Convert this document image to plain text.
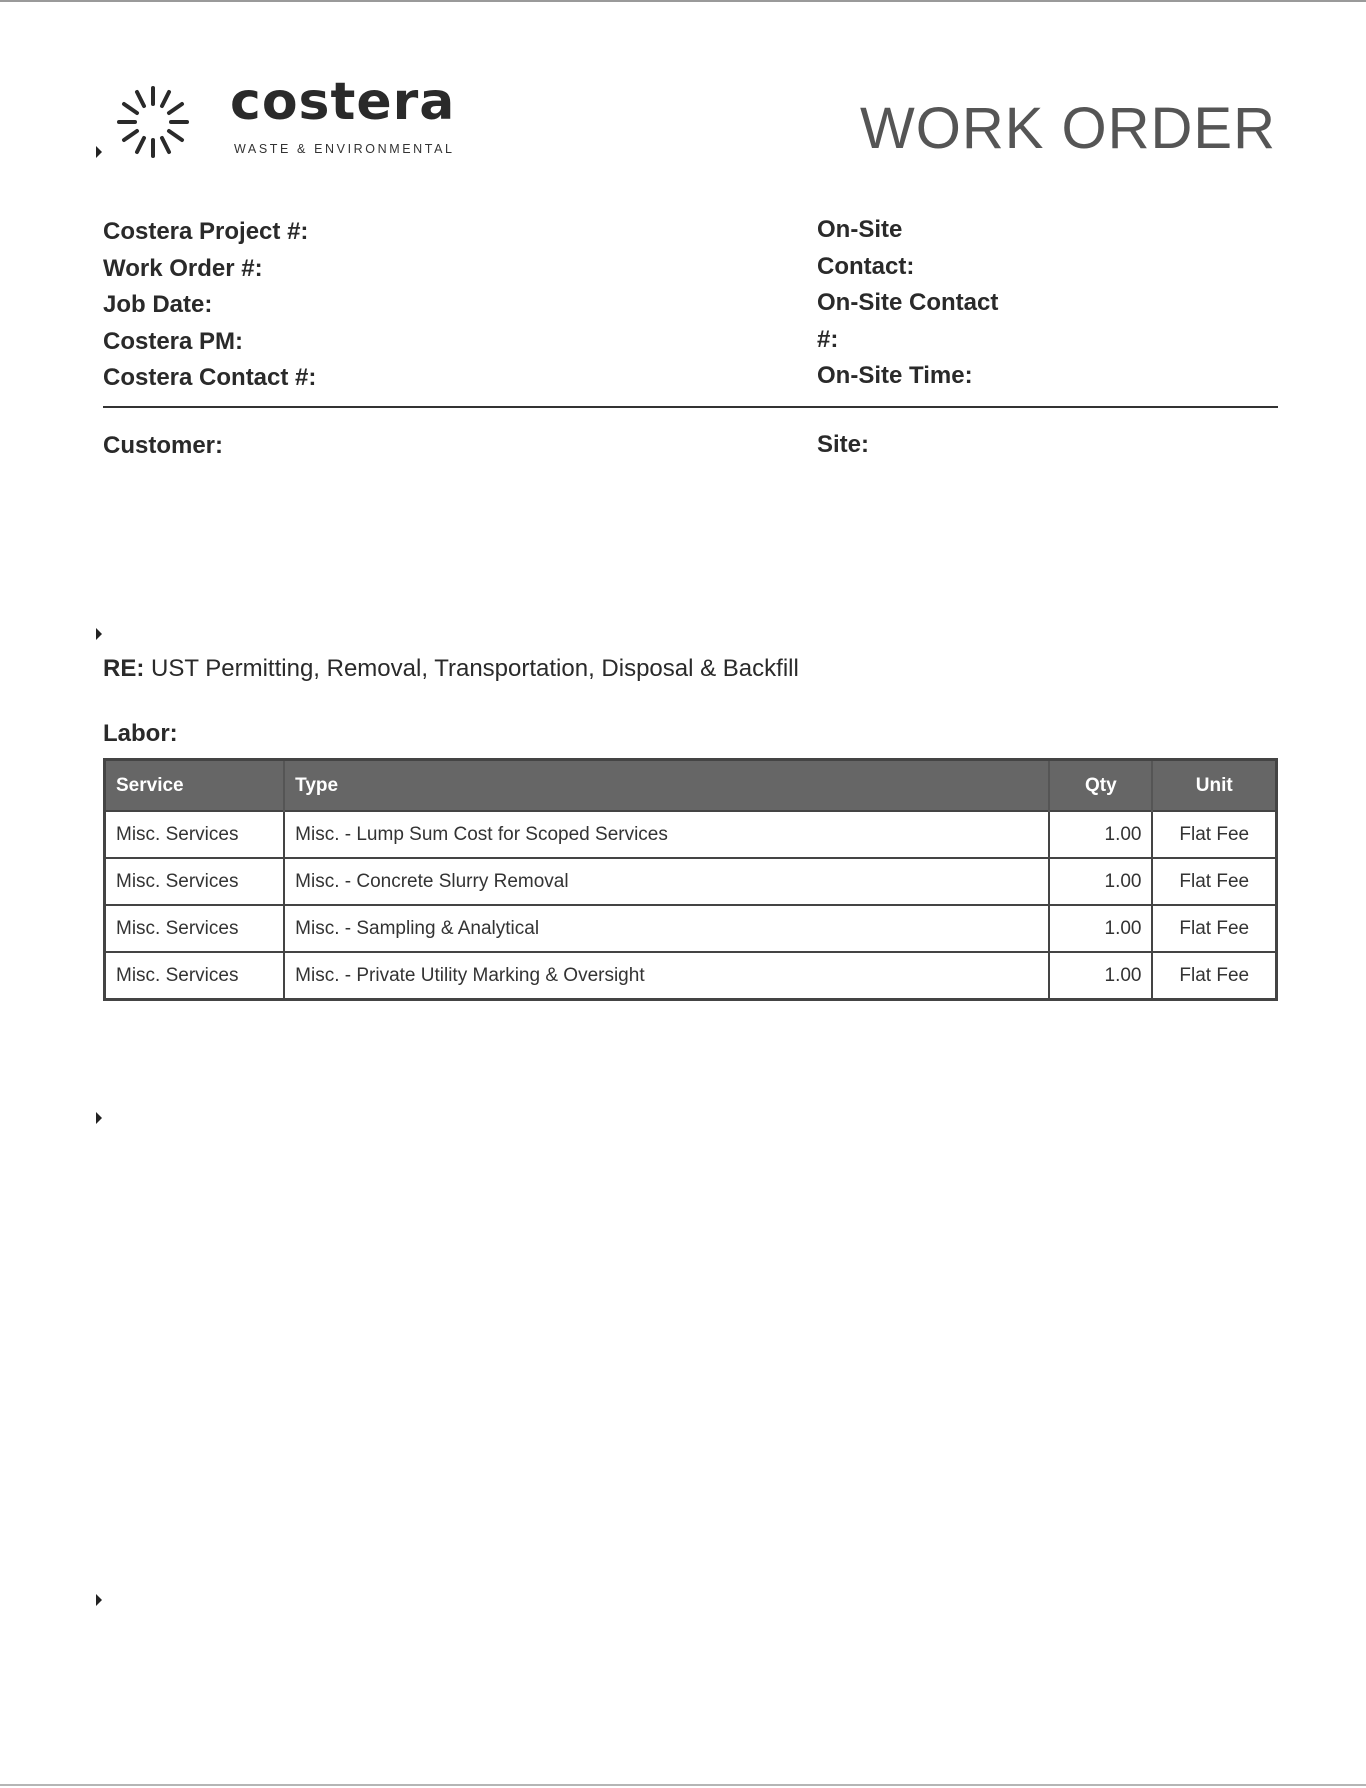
costera
WASTE & ENVIRONMENTAL	WORK ORDER
Costera Project #:
Work Order #:
Job Date:
Costera PM:
Costera Contact #:
On-Site
Contact:
On-Site Contact
#:
On-Site Time:
Customer:	Site:
RE: UST Permitting, Removal, Transportation, Disposal & Backfill
Labor:
Service	Type	Qty	Unit
Misc. Services	Misc. - Lump Sum Cost for Scoped Services	1.00	Flat Fee
Misc. Services	Misc. - Concrete Slurry Removal	1.00	Flat Fee
Misc. Services	Misc. - Sampling & Analytical	1.00	Flat Fee
Misc. Services	Misc. - Private Utility Marking & Oversight	1.00	Flat Fee
